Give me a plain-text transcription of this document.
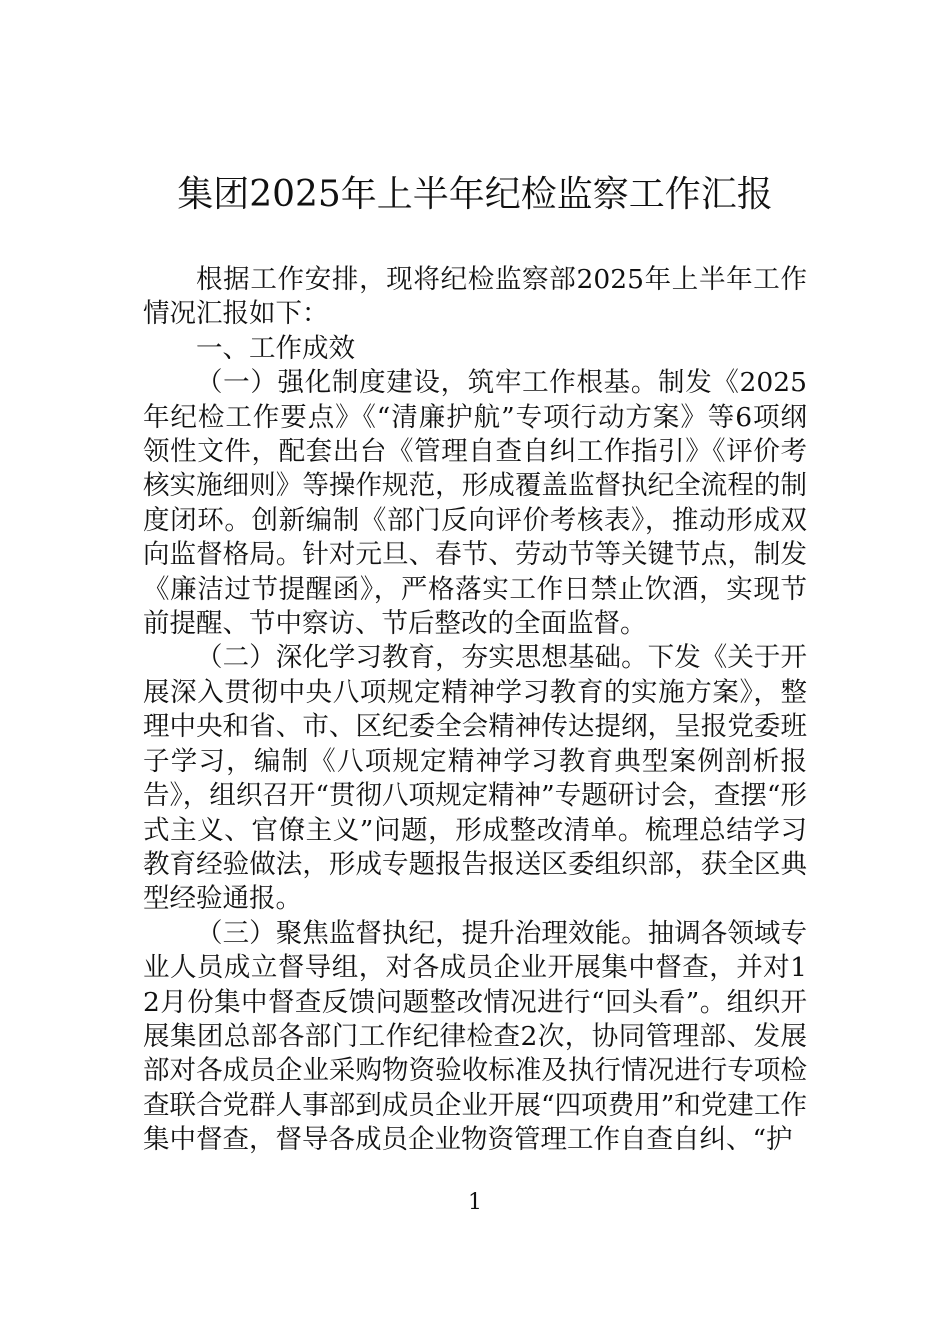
集团2025年上半年纪检监察工作汇报

根据工作安排，现将纪检监察部2025年上半年工作情况汇报如下：

一、工作成效

（一）强化制度建设，筑牢工作根基。制发《2025年纪检工作要点》《“清廉护航”专项行动方案》等6项纲领性文件，配套出台《管理自查自纠工作指引》《评价考核实施细则》等操作规范，形成覆盖监督执纪全流程的制度闭环。创新编制《部门反向评价考核表》，推动形成双向监督格局。针对元旦、春节、劳动节等关键节点，制发《廉洁过节提醒函》，严格落实工作日禁止饮酒，实现节前提醒、节中察访、节后整改的全面监督。

（二）深化学习教育，夯实思想基础。下发《关于开展深入贯彻中央八项规定精神学习教育的实施方案》，整理中央和省、市、区纪委全会精神传达提纲，呈报党委班子学习，编制《八项规定精神学习教育典型案例剖析报告》，组织召开“贯彻八项规定精神”专题研讨会，查摆“形式主义、官僚主义”问题，形成整改清单。梳理总结学习教育经验做法，形成专题报告报送区委组织部，获全区典型经验通报。

（三）聚焦监督执纪，提升治理效能。抽调各领域专业人员成立督导组，对各成员企业开展集中督查，并对12月份集中督查反馈问题整改情况进行“回头看”。组织开展集团总部各部门工作纪律检查2次，协同管理部、发展部对各成员企业采购物资验收标准及执行情况进行专项检查联合党群人事部到成员企业开展“四项费用”和党建工作集中督查，督导各成员企业物资管理工作自查自纠、“护

1
